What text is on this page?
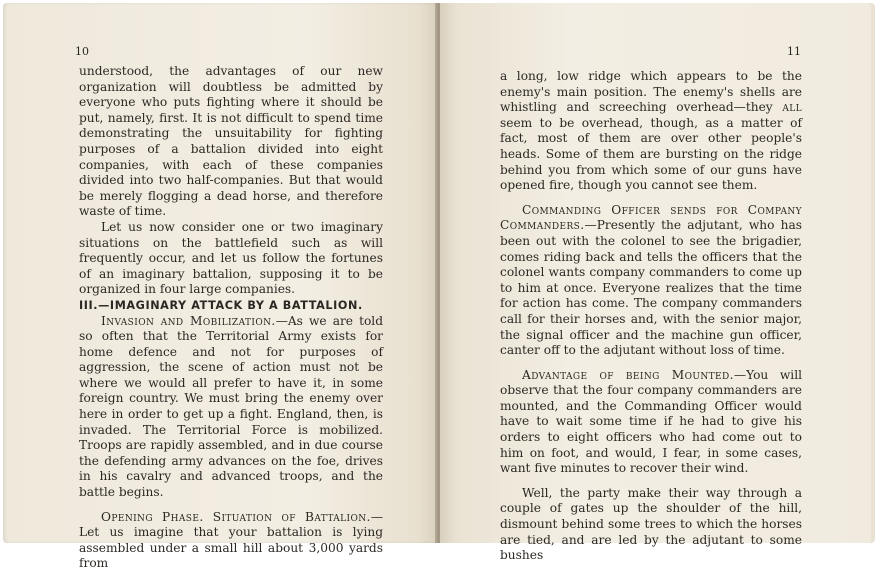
10

understood, the advantages of our new organization will doubtless be admitted by everyone who puts fighting where it should be put, namely, first. It is not difficult to spend time demonstrating the unsuitability for fighting purposes of a battalion divided into eight companies, with each of these companies divided into two half-companies. But that would be merely flogging a dead horse, and therefore waste of time.

Let us now consider one or two imaginary situations on the battlefield such as will frequently occur, and let us follow the fortunes of an imaginary battalion, supposing it to be organized in four large companies.

III.—IMAGINARY ATTACK BY A BATTALION.

Invasion and Mobilization.—As we are told so often that the Territorial Army exists for home defence and not for purposes of aggression, the scene of action must not be where we would all prefer to have it, in some foreign country. We must bring the enemy over here in order to get up a fight. England, then, is invaded. The Territorial Force is mobilized. Troops are rapidly assembled, and in due course the defending army advances on the foe, drives in his cavalry and advanced troops, and the battle begins.

Opening Phase. Situation of Battalion.— Let us imagine that your battalion is lying assembled under a small hill about 3,000 yards from

11

a long, low ridge which appears to be the enemy's main position. The enemy's shells are whistling and screeching overhead—they all seem to be overhead, though, as a matter of fact, most of them are over other people's heads. Some of them are bursting on the ridge behind you from which some of our guns have opened fire, though you cannot see them.

Commanding Officer sends for Company Commanders.—Presently the adjutant, who has been out with the colonel to see the brigadier, comes riding back and tells the officers that the colonel wants company commanders to come up to him at once. Everyone realizes that the time for action has come. The company commanders call for their horses and, with the senior major, the signal officer and the machine gun officer, canter off to the adjutant without loss of time.

Advantage of being Mounted.—You will observe that the four company commanders are mounted, and the Commanding Officer would have to wait some time if he had to give his orders to eight officers who had come out to him on foot, and would, I fear, in some cases, want five minutes to recover their wind.

Well, the party make their way through a couple of gates up the shoulder of the hill, dismount behind some trees to which the horses are tied, and are led by the adjutant to some bushes
